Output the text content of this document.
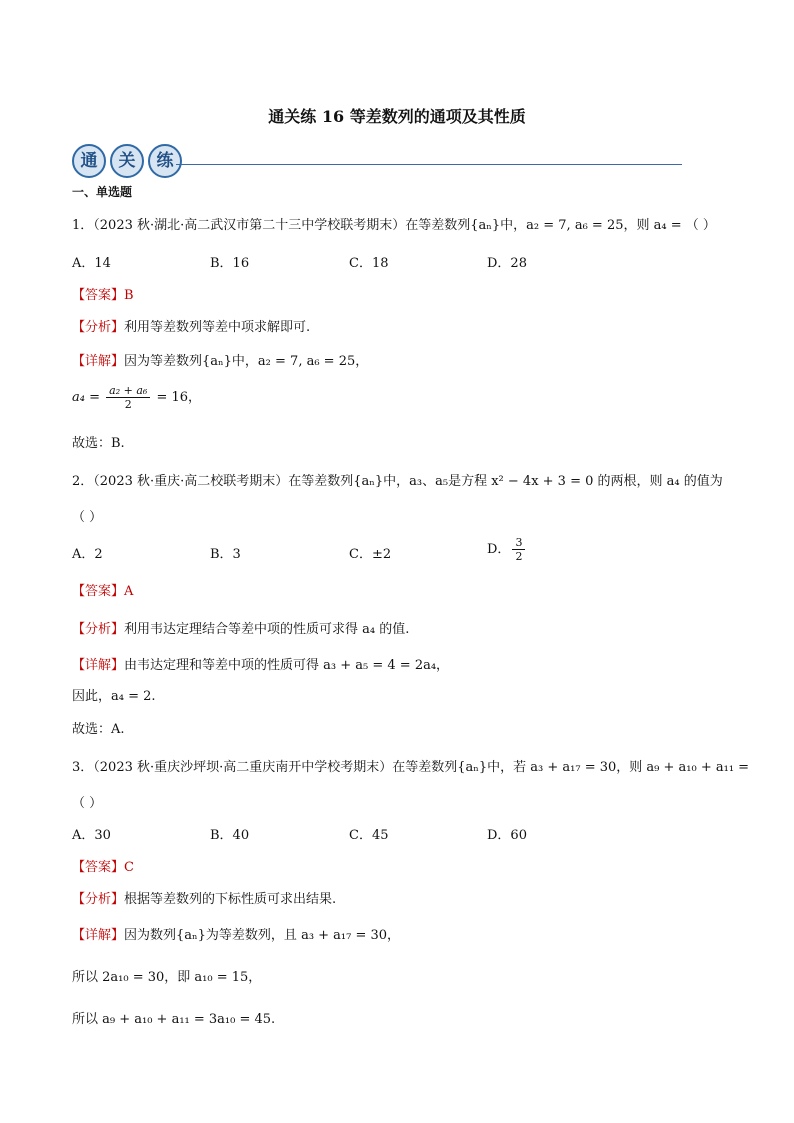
通关练 16 等差数列的通项及其性质
通	关	练
一、单选题
1．（2023 秋·湖北·高二武汉市第二十三中学校联考期末）在等差数列{aₙ}中，a₂ = 7, a₆ = 25，则 a₄ = （ ）
A．14	B．16	C．18	D．28
【答案】B
【分析】利用等差数列等差中项求解即可.
【详解】因为等差数列{aₙ}中，a₂ = 7, a₆ = 25，
$a_4 = \frac{\text{a₂ + a₆}}{2} = 16$，
故选：B.
2．（2023 秋·重庆·高二校联考期末）在等差数列{aₙ}中，a₃、a₅是方程 x² − 4x + 3 = 0 的两根，则 a₄ 的值为
（ ）
A．2	B．3	C．±2	D． $\frac{3}{2}$
【答案】A
【分析】利用韦达定理结合等差中项的性质可求得 a₄ 的值.
【详解】由韦达定理和等差中项的性质可得 a₃ + a₅ = 4 = 2a₄，
因此，a₄ = 2.
故选：A.
3．（2023 秋·重庆沙坪坝·高二重庆南开中学校考期末）在等差数列{aₙ}中，若 a₃ + a₁₇ = 30，则 a₉ + a₁₀ + a₁₁ =
（ ）
A．30	B．40	C．45	D．60
【答案】C
【分析】根据等差数列的下标性质可求出结果.
【详解】因为数列{aₙ}为等差数列，且 a₃ + a₁₇ = 30，
所以 2a₁₀ = 30，即 a₁₀ = 15，
所以 a₉ + a₁₀ + a₁₁ = 3a₁₀ = 45.
